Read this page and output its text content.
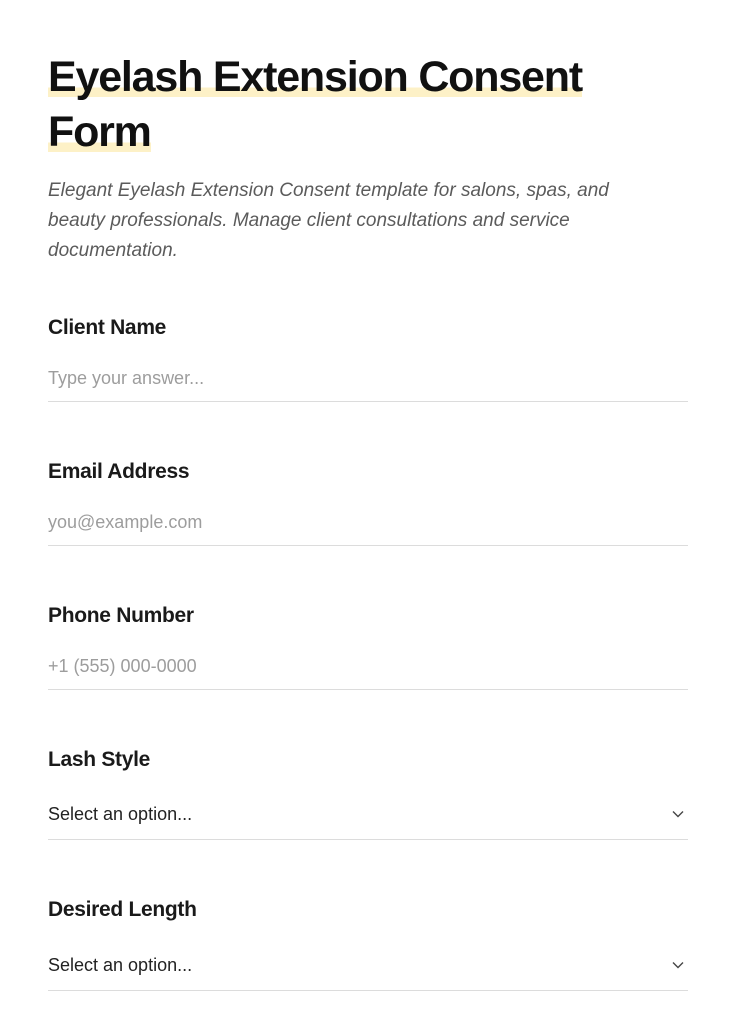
Eyelash Extension Consent Form

Elegant Eyelash Extension Consent template for salons, spas, and beauty professionals. Manage client consultations and service documentation.

Client Name
Type your answer...
Email Address
you@example.com
Phone Number
+1 (555) 000-0000
Lash Style
Select an option...
Desired Length
Select an option...
